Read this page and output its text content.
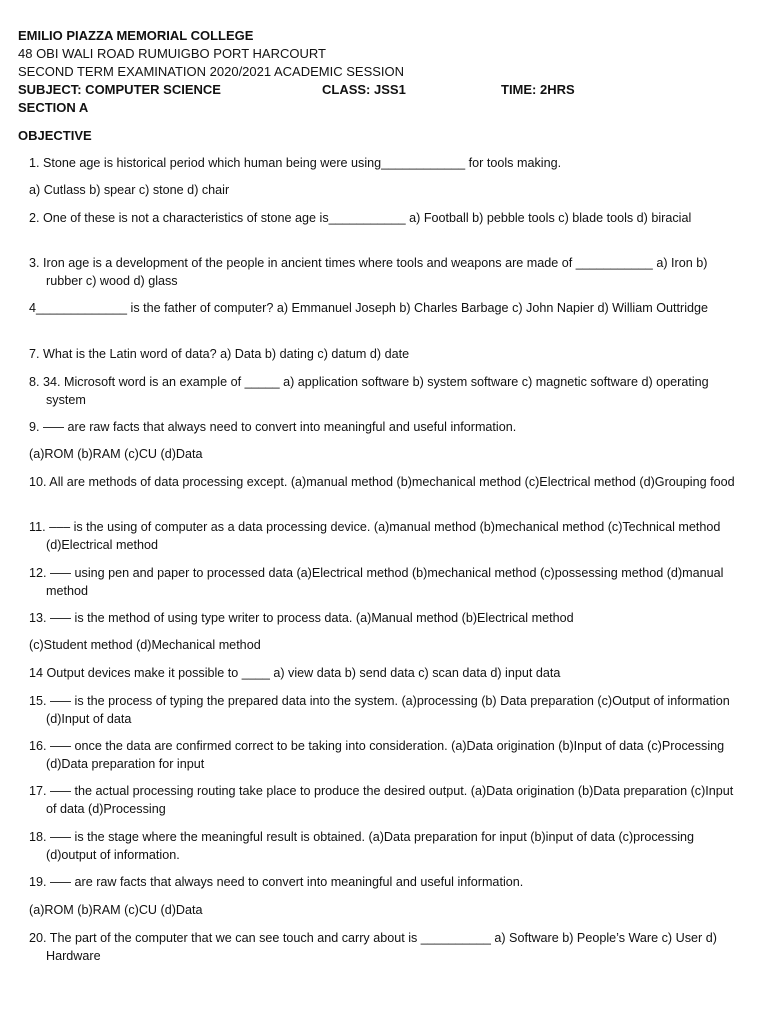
EMILIO PIAZZA MEMORIAL COLLEGE
48 OBI WALI ROAD RUMUIGBO PORT HARCOURT
SECOND TERM EXAMINATION 2020/2021 ACADEMIC SESSION
SUBJECT: COMPUTER SCIENCE	CLASS: JSS1	TIME: 2HRS
SECTION A
OBJECTIVE
1. Stone age is historical period which human being were using____________ for tools making.
a) Cutlass b) spear c) stone d) chair
2. One of these is not a characteristics of stone age is___________ a) Football b) pebble tools c) blade tools d) biracial
3. Iron age is a development of the people in ancient times where tools and weapons are made of ___________ a) Iron b) rubber c) wood d) glass
4_____________ is the father of computer? a) Emmanuel Joseph b) Charles Barbage c) John Napier d) William Outtridge
7. What is the Latin word of data? a) Data b) dating c) datum d) date
8. 34. Microsoft word is an example of _____ a) application software b) system software c) magnetic software d) operating system
9. ––– are raw facts that always need to convert into meaningful and useful information.
(a)ROM (b)RAM (c)CU (d)Data
10. All are methods of data processing except. (a)manual method (b)mechanical method (c)Electrical method (d)Grouping food
11. ––– is the using of computer as a data processing device. (a)manual method (b)mechanical method (c)Technical method (d)Electrical method
12. ––– using pen and paper to processed data (a)Electrical method (b)mechanical method (c)possessing method (d)manual method
13. ––– is the method of using type writer to process data. (a)Manual method (b)Electrical method
(c)Student method (d)Mechanical method
14 Output devices make it possible to ____ a) view data b) send data c) scan data d) input data
15. ––– is the process of typing the prepared data into the system. (a)processing (b) Data preparation (c)Output of information (d)Input of data
16. ––– once the data are confirmed correct to be taking into consideration. (a)Data origination (b)Input of data (c)Processing (d)Data preparation for input
17. ––– the actual processing routing take place to produce the desired output. (a)Data origination (b)Data preparation (c)Input of data (d)Processing
18. ––– is the stage where the meaningful result is obtained. (a)Data preparation for input (b)input of data (c)processing (d)output of information.
19. ––– are raw facts that always need to convert into meaningful and useful information.
(a)ROM (b)RAM (c)CU (d)Data
20. The part of the computer that we can see touch and carry about is __________ a) Software b) People’s Ware c) User d) Hardware
